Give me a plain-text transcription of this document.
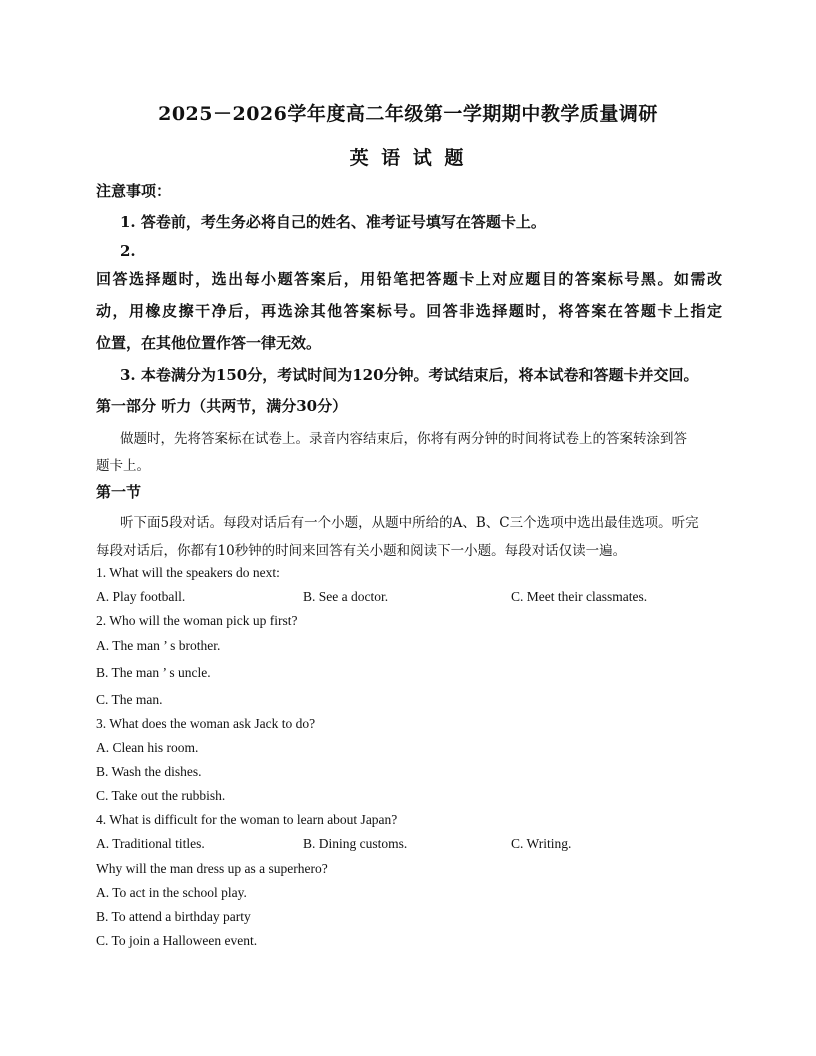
2025－2026学年度高二年级第一学期期中教学质量调研
英 语 试 题
注意事项：
1. 答卷前，考生务必将自己的姓名、准考证号填写在答题卡上。
2.
回答选择题时，选出每小题答案后，用铅笔把答题卡上对应题目的答案标号黑。如需改
动，用橡皮擦干净后，再选涂其他答案标号。回答非选择题时，将答案在答题卡上指定
位置，在其他位置作答一律无效。
3. 本卷满分为150分，考试时间为120分钟。考试结束后，将本试卷和答题卡并交回。
第一部分 听力（共两节，满分30分）
做题时，先将答案标在试卷上。录音内容结束后，你将有两分钟的时间将试卷上的答案转涂到答
题卡上。
第一节
听下面5段对话。每段对话后有一个小题，从题中所给的A、B、C三个选项中选出最佳选项。听完
每段对话后，你都有10秒钟的时间来回答有关小题和阅读下一小题。每段对话仅读一遍。
1. What will the speakers do next:
A. Play football.	B. See a doctor.	C. Meet their classmates.
2. Who will the woman pick up first?
A. The man ’ s brother.
B. The man ’ s uncle.
C. The man.
3. What does the woman ask Jack to do?
A. Clean his room.
B. Wash the dishes.
C. Take out the rubbish.
4. What is difficult for the woman to learn about Japan?
A. Traditional titles.	B. Dining customs.	C. Writing.
Why will the man dress up as a superhero?
A. To act in the school play.
B. To attend a birthday party
C. To join a Halloween event.
